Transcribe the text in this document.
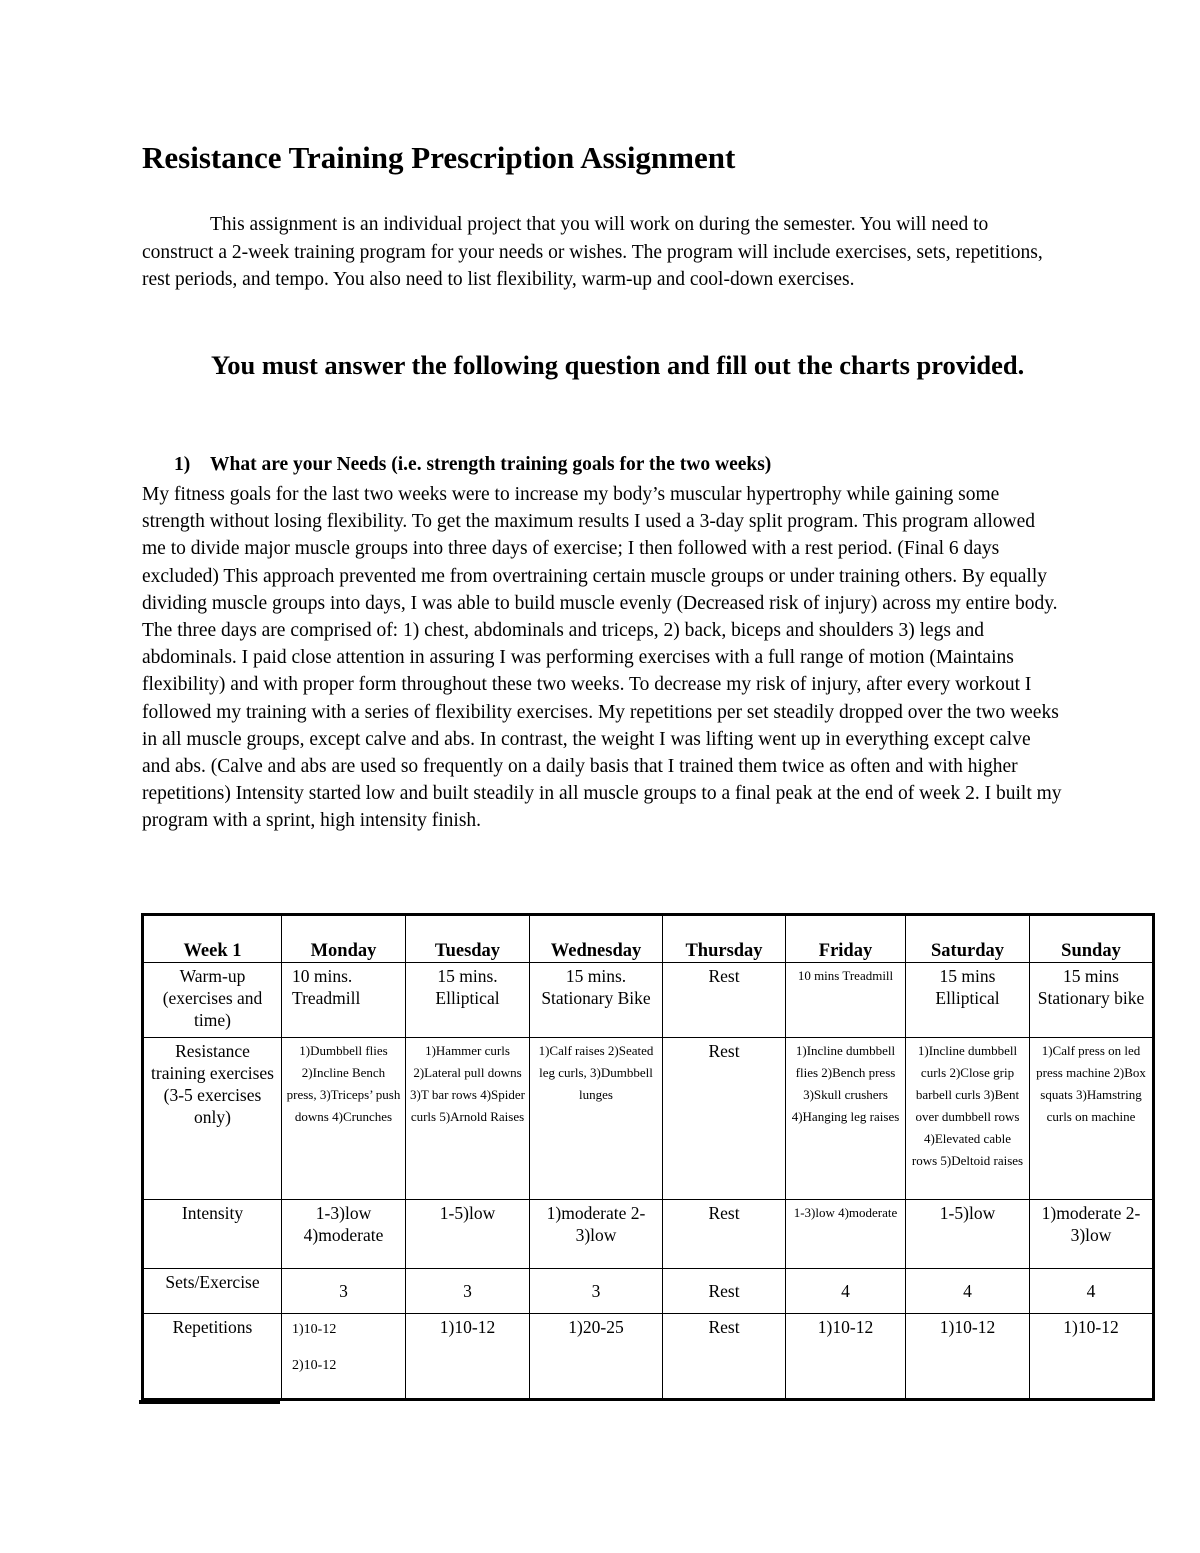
Resistance Training Prescription Assignment

This assignment is an individual project that you will work on during the semester. You will need to construct a 2-week training program for your needs or wishes. The program will include exercises, sets, repetitions, rest periods, and tempo. You also need to list flexibility, warm-up and cool-down exercises.

You must answer the following question and fill out the charts provided.

1) What are your Needs (i.e. strength training goals for the two weeks)

My fitness goals for the last two weeks were to increase my body’s muscular hypertrophy while gaining some strength without losing flexibility. To get the maximum results I used a 3-day split program. This program allowed me to divide major muscle groups into three days of exercise; I then followed with a rest period. (Final 6 days excluded) This approach prevented me from overtraining certain muscle groups or under training others. By equally dividing muscle groups into days, I was able to build muscle evenly (Decreased risk of injury) across my entire body. The three days are comprised of: 1) chest, abdominals and triceps, 2) back, biceps and shoulders 3) legs and abdominals. I paid close attention in assuring I was performing exercises with a full range of motion (Maintains flexibility) and with proper form throughout these two weeks. To decrease my risk of injury, after every workout I followed my training with a series of flexibility exercises. My repetitions per set steadily dropped over the two weeks in all muscle groups, except calve and abs. In contrast, the weight I was lifting went up in everything except calve and abs. (Calve and abs are used so frequently on a daily basis that I trained them twice as often and with higher repetitions) Intensity started low and built steadily in all muscle groups to a final peak at the end of week 2. I built my program with a sprint, high intensity finish.

Week 1	Monday	Tuesday	Wednesday	Thursday	Friday	Saturday	Sunday
Warm-up (exercises and time)	10 mins. Treadmill	15 mins. Elliptical	15 mins. Stationary Bike	Rest	10 mins Treadmill	15 mins Elliptical	15 mins Stationary bike
Resistance training exercises (3-5 exercises only)	1)Dumbbell flies 2)Incline Bench press, 3)Triceps’ push downs 4)Crunches	1)Hammer curls 2)Lateral pull downs 3)T bar rows 4)Spider curls 5)Arnold Raises	1)Calf raises 2)Seated leg curls, 3)Dumbbell lunges	Rest	1)Incline dumbbell flies 2)Bench press 3)Skull crushers 4)Hanging leg raises	1)Incline dumbbell curls 2)Close grip barbell curls 3)Bent over dumbbell rows 4)Elevated cable rows 5)Deltoid raises	1)Calf press on led press machine 2)Box squats 3)Hamstring curls on machine
Intensity	1-3)low 4)moderate	1-5)low	1)moderate 2-3)low	Rest	1-3)low 4)moderate	1-5)low	1)moderate 2-3)low
Sets/Exercise	3	3	3	Rest	4	4	4
Repetitions	1)10-12
2)10-12	1)10-12	1)20-25	Rest	1)10-12	1)10-12	1)10-12
